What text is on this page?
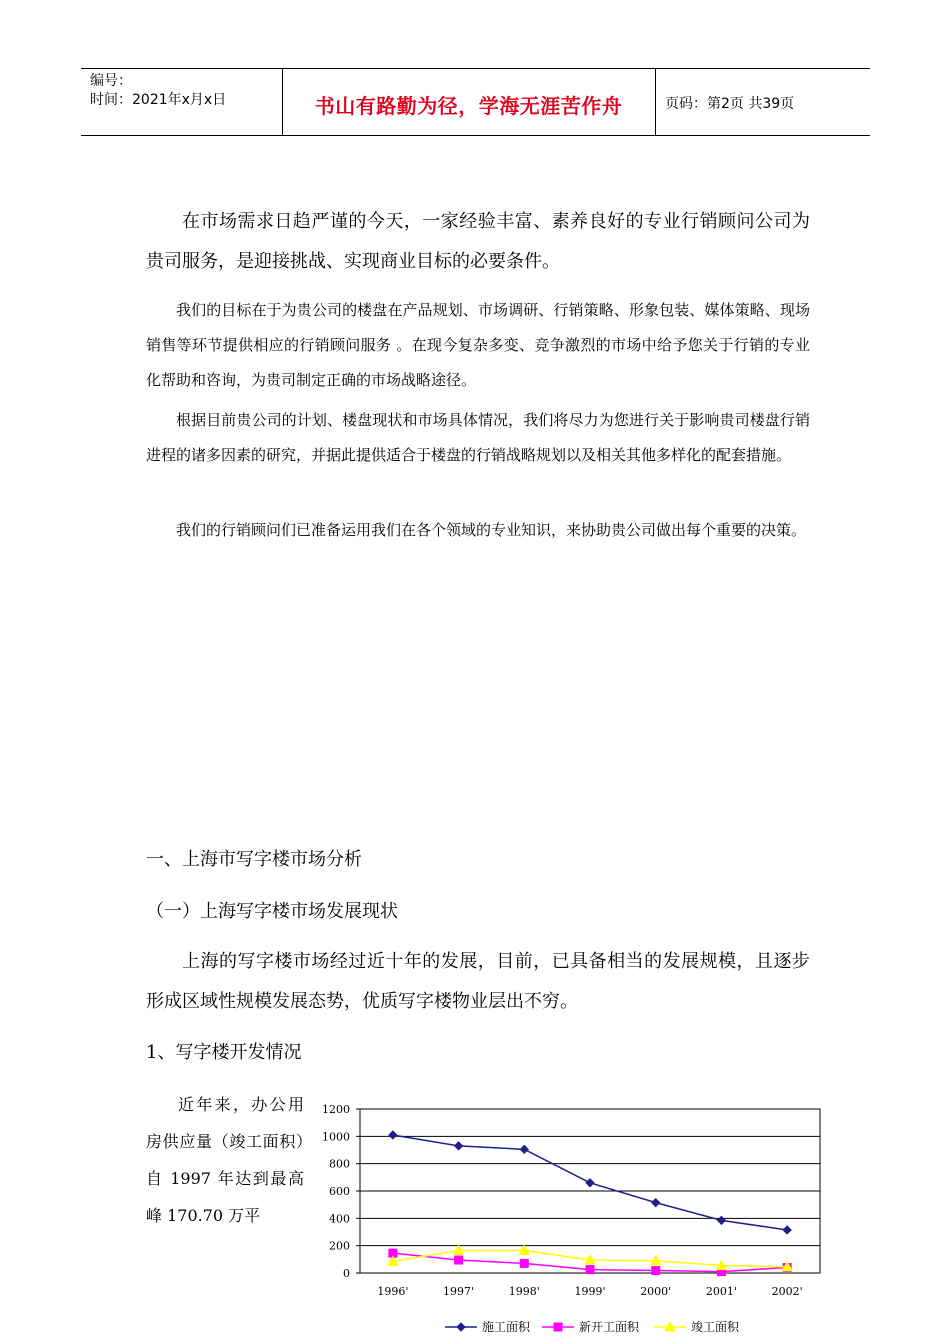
编号：
时间：2021年x月x日	书山有路勤为径，学海无涯苦作舟	页码：第2页 共39页

在市场需求日趋严谨的今天，一家经验丰富、素养良好的专业行销顾问公司为贵司服务，是迎接挑战、实现商业目标的必要条件。

我们的目标在于为贵公司的楼盘在产品规划、市场调研、行销策略、形象包装、媒体策略、现场销售等环节提供相应的行销顾问服务 。在现今复杂多变、竞争激烈的市场中给予您关于行销的专业化帮助和咨询，为贵司制定正确的市场战略途径。

根据目前贵公司的计划、楼盘现状和市场具体情况，我们将尽力为您进行关于影响贵司楼盘行销进程的诸多因素的研究，并据此提供适合于楼盘的行销战略规划以及相关其他多样化的配套措施。

我们的行销顾问们已准备运用我们在各个领域的专业知识，来协助贵公司做出每个重要的决策。

一、上海市写字楼市场分析
（一）上海写字楼市场发展现状

上海的写字楼市场经过近十年的发展，目前，已具备相当的发展规模，且逐步形成区域性规模发展态势，优质写字楼物业层出不穷。

1、写字楼开发情况

近年来，办公用房供应量（竣工面积）自 1997 年达到最高峰 170.70 万平

0
200
400
600
800
1000
1200
1996'	1997'	1998'	1999'	2000'	2001'	2002'
施工面积	新开工面积	竣工面积
